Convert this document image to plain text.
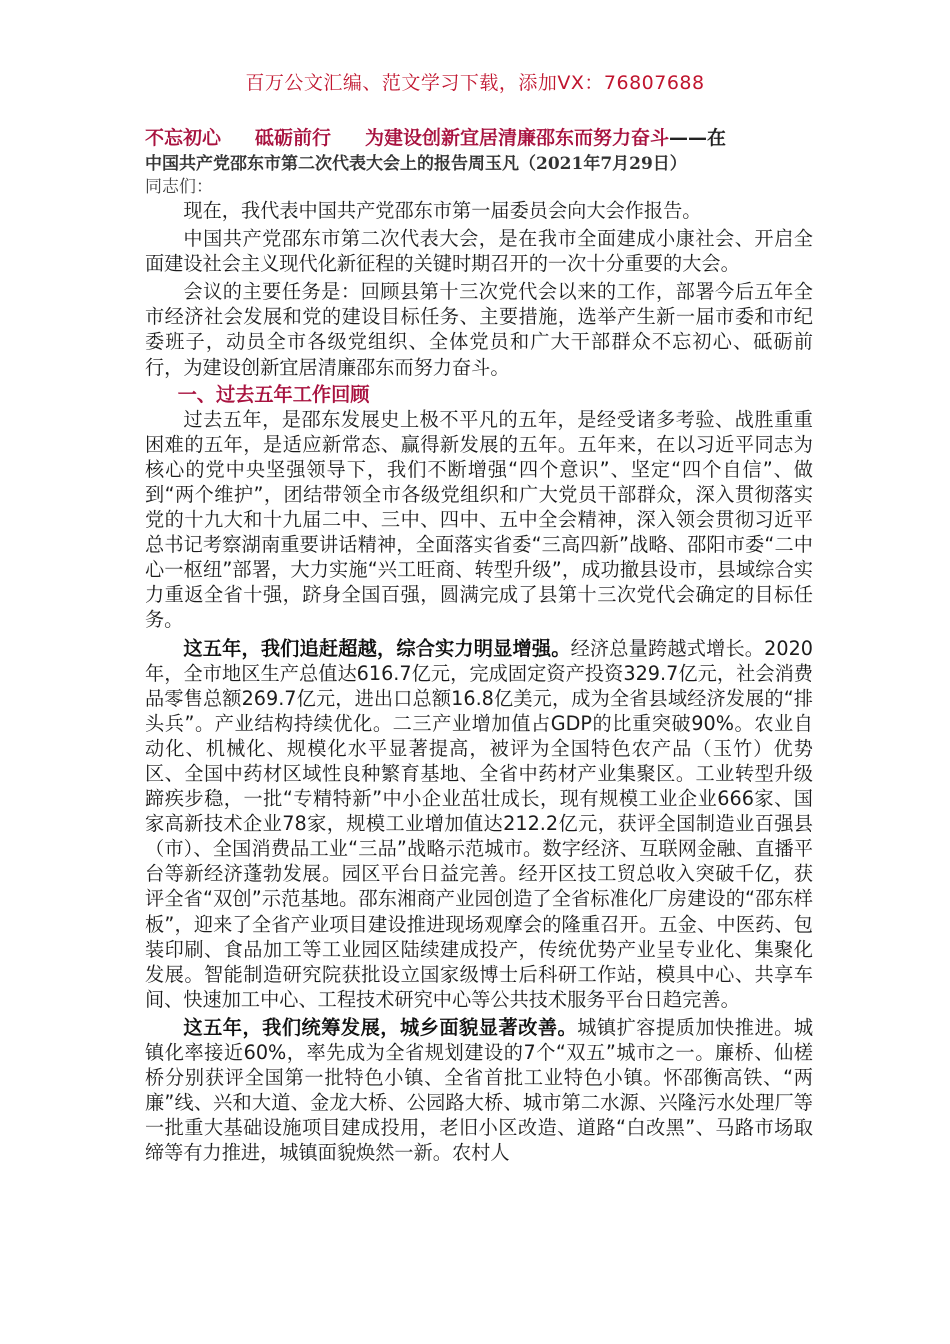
百万公文汇编、范文学习下载，添加VX：76807688
不忘初心 砥砺前行 为建设创新宜居清廉邵东而努力奋斗——在
中国共产党邵东市第二次代表大会上的报告周玉凡（2021年7月29日）
同志们：

现在，我代表中国共产党邵东市第一届委员会向大会作报告。

中国共产党邵东市第二次代表大会，是在我市全面建成小康社会、开启全面建设社会主义现代化新征程的关键时期召开的一次十分重要的大会。

会议的主要任务是：回顾县第十三次党代会以来的工作，部署今后五年全市经济社会发展和党的建设目标任务、主要措施，选举产生新一届市委和市纪委班子，动员全市各级党组织、全体党员和广大干部群众不忘初心、砥砺前行，为建设创新宜居清廉邵东而努力奋斗。

一、过去五年工作回顾

过去五年，是邵东发展史上极不平凡的五年，是经受诸多考验、战胜重重困难的五年，是适应新常态、赢得新发展的五年。五年来，在以习近平同志为核心的党中央坚强领导下，我们不断增强“四个意识”、坚定“四个自信”、做到“两个维护”，团结带领全市各级党组织和广大党员干部群众，深入贯彻落实党的十九大和十九届二中、三中、四中、五中全会精神，深入领会贯彻习近平总书记考察湖南重要讲话精神，全面落实省委“三高四新”战略、邵阳市委“二中心一枢纽”部署，大力实施“兴工旺商、转型升级”，成功撤县设市，县域综合实力重返全省十强，跻身全国百强，圆满完成了县第十三次党代会确定的目标任务。

这五年，我们追赶超越，综合实力明显增强。经济总量跨越式增长。2020年，全市地区生产总值达616.7亿元，完成固定资产投资329.7亿元，社会消费品零售总额269.7亿元，进出口总额16.8亿美元，成为全省县域经济发展的“排头兵”。产业结构持续优化。二三产业增加值占GDP的比重突破90%。农业自动化、机械化、规模化水平显著提高，被评为全国特色农产品（玉竹）优势区、全国中药材区域性良种繁育基地、全省中药材产业集聚区。工业转型升级蹄疾步稳，一批“专精特新”中小企业茁壮成长，现有规模工业企业666家、国家高新技术企业78家，规模工业增加值达212.2亿元，获评全国制造业百强县（市）、全国消费品工业“三品”战略示范城市。数字经济、互联网金融、直播平台等新经济蓬勃发展。园区平台日益完善。经开区技工贸总收入突破千亿，获评全省“双创”示范基地。邵东湘商产业园创造了全省标准化厂房建设的“邵东样板”，迎来了全省产业项目建设推进现场观摩会的隆重召开。五金、中医药、包装印刷、食品加工等工业园区陆续建成投产，传统优势产业呈专业化、集聚化发展。智能制造研究院获批设立国家级博士后科研工作站，模具中心、共享车间、快速加工中心、工程技术研究中心等公共技术服务平台日趋完善。

这五年，我们统筹发展，城乡面貌显著改善。城镇扩容提质加快推进。城镇化率接近60%，率先成为全省规划建设的7个“双五”城市之一。廉桥、仙槎桥分别获评全国第一批特色小镇、全省首批工业特色小镇。怀邵衡高铁、“两廉”线、兴和大道、金龙大桥、公园路大桥、城市第二水源、兴隆污水处理厂等一批重大基础设施项目建成投用，老旧小区改造、道路“白改黑”、马路市场取缔等有力推进，城镇面貌焕然一新。农村人
